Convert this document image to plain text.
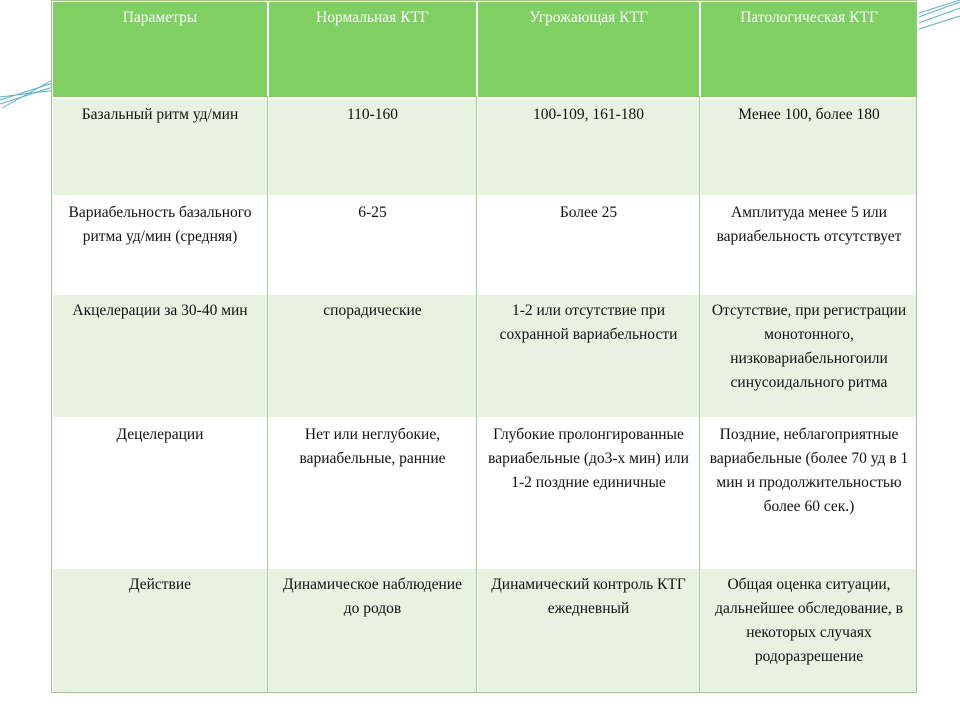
Параметры	Нормальная КТГ	Угрожающая КТГ	Патологическая КТГ
Базальный ритм уд/мин	110-160	100-109, 161-180	Менее 100, более 180
Вариабельность базального ритма уд/мин (средняя)	6-25	Более 25	Амплитуда менее 5 или вариабельность отсутствует
Акцелерации за 30-40 мин	спорадические	1-2 или отсутствие при сохранной вариабельности	Отсутствие, при регистрации монотонного, низковариабельногоили синусоидального ритма
Децелерации	Нет или неглубокие, вариабельные, ранние	Глубокие пролонгированные вариабельные (до3-х мин) или 1-2 поздние единичные	Поздние, неблагоприятные вариабельные (более 70 уд в 1 мин и продолжительностью более 60 сек.)
Действие	Динамическое наблюдение до родов	Динамический контроль КТГ ежедневный	Общая оценка ситуации, дальнейшее обследование, в некоторых случаях родоразрешение
